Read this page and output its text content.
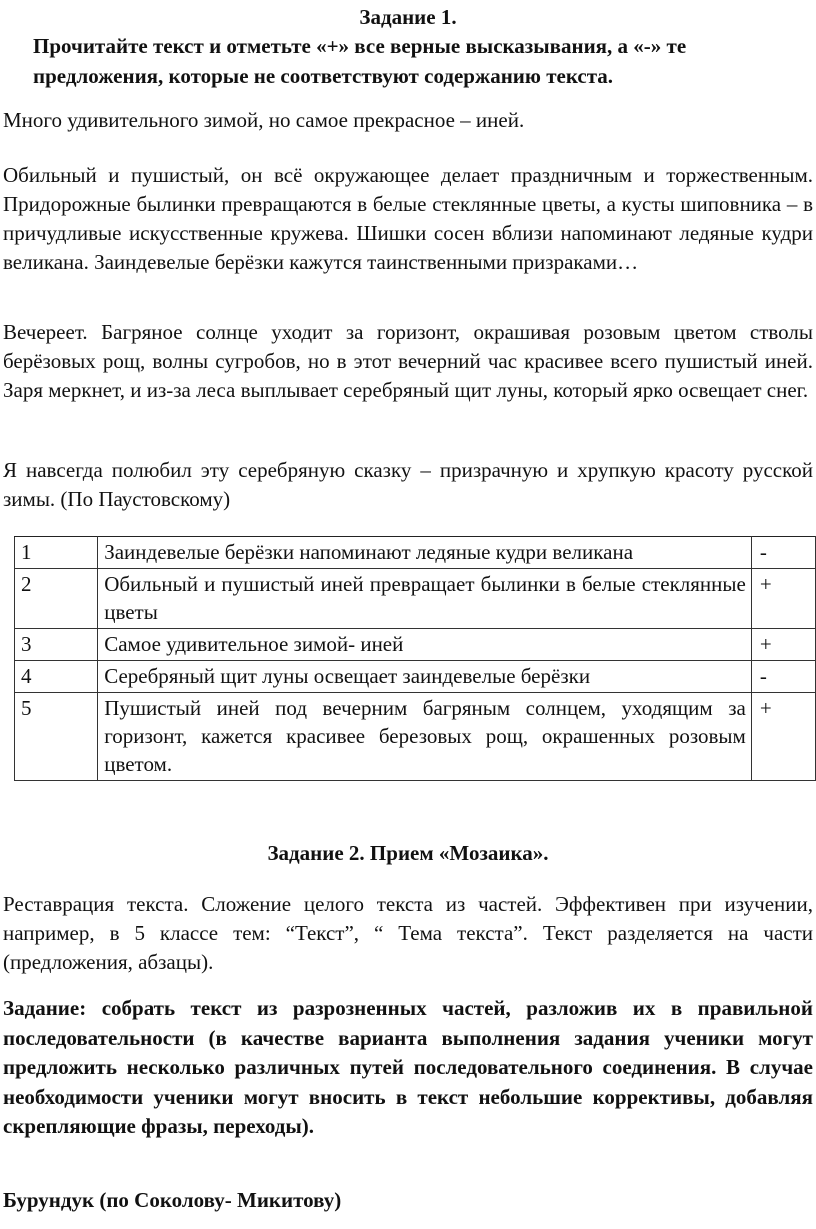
Задание 1.

Прочитайте текст и отметьте «+» все верные высказывания, а «-» те предложения, которые не соответствуют содержанию текста.

Много удивительного зимой, но самое прекрасное – иней.

Обильный и пушистый, он всё окружающее делает праздничным и торжественным. Придорожные былинки превращаются в белые стеклянные цветы, а кусты шиповника – в причудливые искусственные кружева. Шишки сосен вблизи напоминают ледяные кудри великана. Заиндевелые берёзки кажутся таинственными призраками…

Вечереет. Багряное солнце уходит за горизонт, окрашивая розовым цветом стволы берёзовых рощ, волны сугробов, но в этот вечерний час красивее всего пушистый иней. Заря меркнет, и из-за леса выплывает серебряный щит луны, который ярко освещает снег.

Я навсегда полюбил эту серебряную сказку – призрачную и хрупкую красоту русской зимы. (По Паустовскому)

1	Заиндевелые берёзки напоминают ледяные кудри великана	-
2	Обильный и пушистый иней превращает былинки в белые стеклянные цветы	+
3	Самое удивительное зимой- иней	+
4	Серебряный щит луны освещает заиндевелые берёзки	-
5	Пушистый иней под вечерним багряным солнцем, уходящим за горизонт, кажется красивее березовых рощ, окрашенных розовым цветом.	+

Задание 2. Прием «Мозаика».

Реставрация текста. Сложение целого текста из частей. Эффективен при изучении, например, в 5 классе тем: “Текст”, “ Тема текста”. Текст разделяется на части (предложения, абзацы).

Задание: собрать текст из разрозненных частей, разложив их в правильной последовательности (в качестве варианта выполнения задания ученики могут предложить несколько различных путей последовательного соединения. В случае необходимости ученики могут вносить в текст небольшие коррективы, добавляя скрепляющие фразы, переходы).

Бурундук (по Соколову- Микитову)
